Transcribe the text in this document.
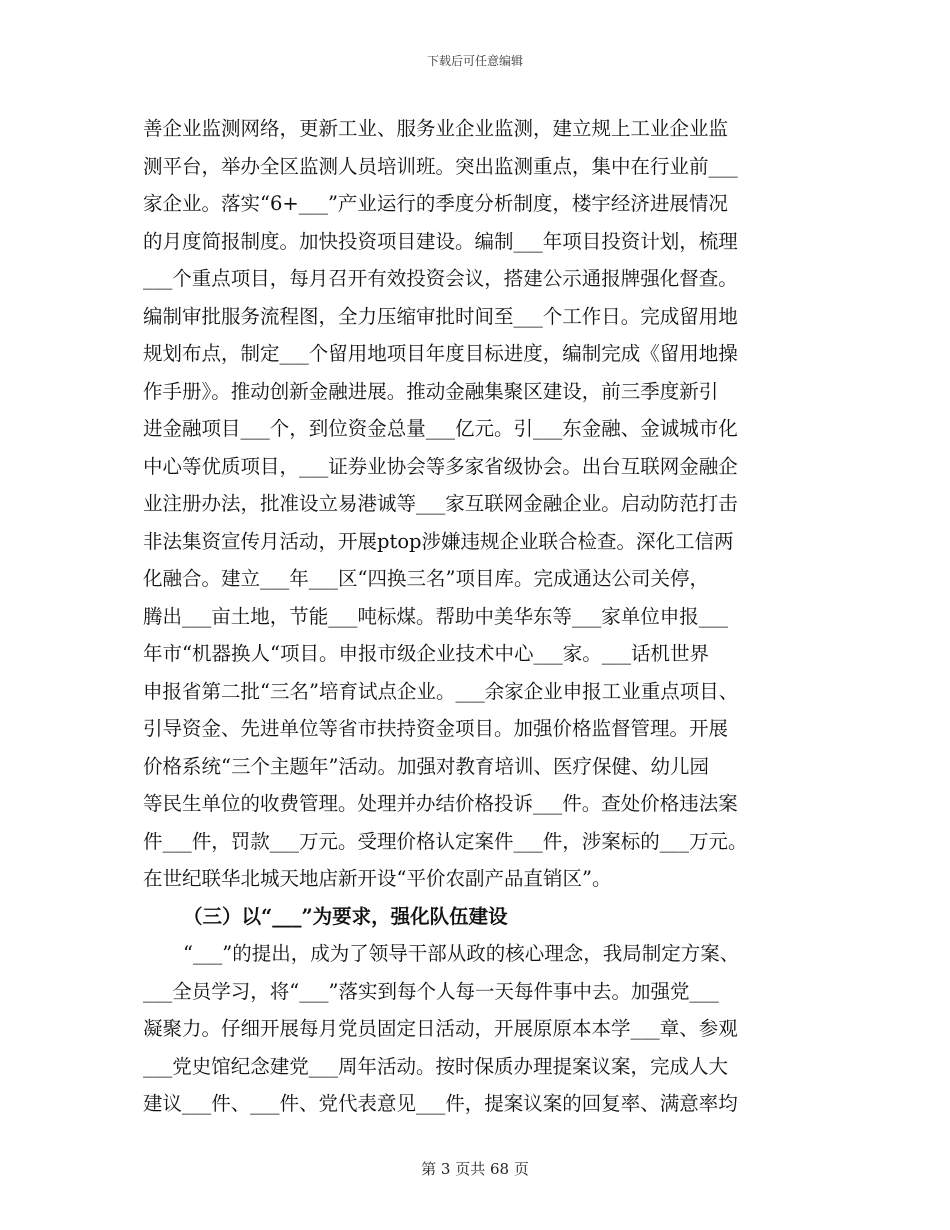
下载后可任意编辑
善企业监测网络，更新工业、服务业企业监测，建立规上工业企业监
测平台，举办全区监测人员培训班。突出监测重点，集中在行业前___
家企业。落实“6+___”产业运行的季度分析制度，楼宇经济进展情况
的月度简报制度。加快投资项目建设。编制___年项目投资计划，梳理
___个重点项目，每月召开有效投资会议，搭建公示通报牌强化督查。
编制审批服务流程图，全力压缩审批时间至___个工作日。完成留用地
规划布点，制定___个留用地项目年度目标进度，编制完成《留用地操
作手册》。推动创新金融进展。推动金融集聚区建设，前三季度新引
进金融项目___个，到位资金总量___亿元。引___东金融、金诚城市化
中心等优质项目，___证券业协会等多家省级协会。出台互联网金融企
业注册办法，批准设立易港诚等___家互联网金融企业。启动防范打击
非法集资宣传月活动，开展ptop涉嫌违规企业联合检查。深化工信两
化融合。建立___年___区“四换三名”项目库。完成通达公司关停，
腾出___亩土地，节能___吨标煤。帮助中美华东等___家单位申报___
年市“机器换人“项目。申报市级企业技术中心___家。___话机世界
申报省第二批“三名”培育试点企业。___余家企业申报工业重点项目、
引导资金、先进单位等省市扶持资金项目。加强价格监督管理。开展
价格系统“三个主题年”活动。加强对教育培训、医疗保健、幼儿园
等民生单位的收费管理。处理并办结价格投诉___件。查处价格违法案
件___件，罚款___万元。受理价格认定案件___件，涉案标的___万元。
在世纪联华北城天地店新开设“平价农副产品直销区”。
（三）以“___”为要求，强化队伍建设
“___”的提出，成为了领导干部从政的核心理念，我局制定方案、
___全员学习，将“___”落实到每个人每一天每件事中去。加强党___
凝聚力。仔细开展每月党员固定日活动，开展原原本本学___章、参观
___党史馆纪念建党___周年活动。按时保质办理提案议案，完成人大
建议___件、___件、党代表意见___件，提案议案的回复率、满意率均
第 3 页共 68 页
